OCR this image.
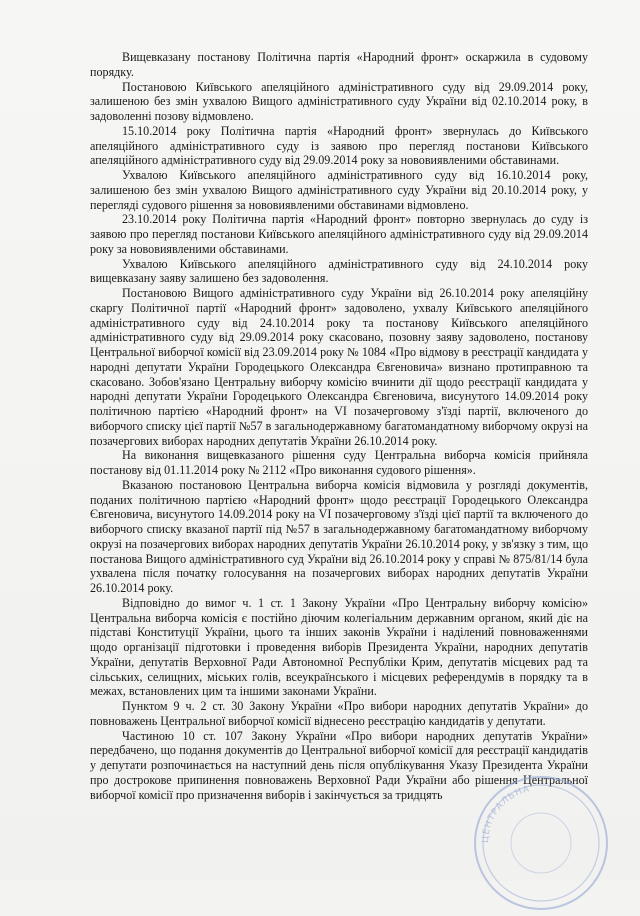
Вищевказану постанову Політична партія «Народний фронт» оскаржила в судовому порядку.

Постановою Київського апеляційного адміністративного суду від 29.09.2014 року, залишеною без змін ухвалою Вищого адміністративного суду України від 02.10.2014 року, в задоволенні позову відмовлено.

15.10.2014 року Політична партія «Народний фронт» звернулась до Київського апеляційного адміністративного суду із заявою про перегляд постанови Київського апеляційного адміністративного суду від 29.09.2014 року за нововиявленими обставинами.

Ухвалою Київського апеляційного адміністративного суду від 16.10.2014 року, залишеною без змін ухвалою Вищого адміністративного суду України від 20.10.2014 року, у перегляді судового рішення за нововиявленими обставинами відмовлено.

23.10.2014 року Політична партія «Народний фронт» повторно звернулась до суду із заявою про перегляд постанови Київського апеляційного адміністративного суду від 29.09.2014 року за нововиявленими обставинами.

Ухвалою Київського апеляційного адміністративного суду від 24.10.2014 року вищевказану заяву залишено без задоволення.

Постановою Вищого адміністративного суду України від 26.10.2014 року апеляційну скаргу Політичної партії «Народний фронт» задоволено, ухвалу Київського апеляційного адміністративного суду від 24.10.2014 року та постанову Київського апеляційного адміністративного суду від 29.09.2014 року скасовано, позовну заяву задоволено, постанову Центральної виборчої комісії від 23.09.2014 року № 1084 «Про відмову в реєстрації кандидата у народні депутати України Городецького Олександра Євгеновича» визнано протиправною та скасовано. Зобов'язано Центральну виборчу комісію вчинити дії щодо реєстрації кандидата у народні депутати України Городецького Олександра Євгеновича, висунутого 14.09.2014 року політичною партією «Народний фронт» на VI позачерговому з'їзді партії, включеного до виборчого списку цієї партії №57 в загальнодержавному багатомандатному виборчому окрузі на позачергових виборах народних депутатів України 26.10.2014 року.

На виконання вищевказаного рішення суду Центральна виборча комісія прийняла постанову від 01.11.2014 року № 2112 «Про виконання судового рішення».

Вказаною постановою Центральна виборча комісія відмовила у розгляді документів, поданих політичною партією «Народний фронт» щодо реєстрації Городецького Олександра Євгеновича, висунутого 14.09.2014 року на VI позачерговому з'їзді цієї партії та включеного до виборчого списку вказаної партії під №57 в загальнодержавному багатомандатному виборчому окрузі на позачергових виборах народних депутатів України 26.10.2014 року, у зв'язку з тим, що постанова Вищого адміністративного суд України від 26.10.2014 року у справі № 875/81/14 була ухвалена після початку голосування на позачергових виборах народних депутатів України 26.10.2014 року.

Відповідно до вимог ч. 1 ст. 1 Закону України «Про Центральну виборчу комісію» Центральна виборча комісія є постійно діючим колегіальним державним органом, який діє на підставі Конституції України, цього та інших законів України і наділений повноваженнями щодо організації підготовки і проведення виборів Президента України, народних депутатів України, депутатів Верховної Ради Автономної Республіки Крим, депутатів місцевих рад та сільських, селищних, міських голів, всеукраїнського і місцевих референдумів в порядку та в межах, встановлених цим та іншими законами України.

Пунктом 9 ч. 2 ст. 30 Закону України «Про вибори народних депутатів України» до повноважень Центральної виборчої комісії віднесено реєстрацію кандидатів у депутати.

Частиною 10 ст. 107 Закону України «Про вибори народних депутатів України» передбачено, що подання документів до Центральної виборчої комісії для реєстрації кандидатів у депутати розпочинається на наступний день після опублікування Указу Президента України про дострокове припинення повноважень Верховної Ради України або рішення Центральної виборчої комісії про призначення виборів і закінчується за тридцять

ЦЕНТРАЛЬНА
